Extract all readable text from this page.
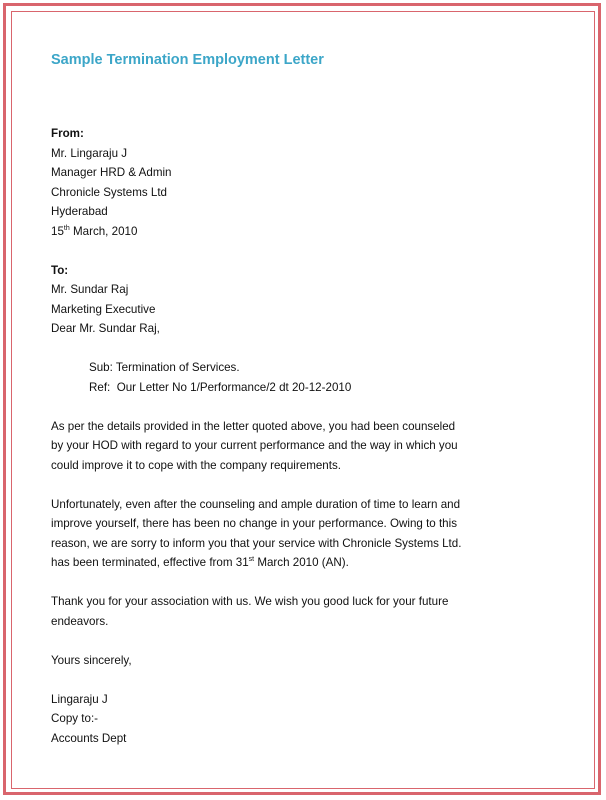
Sample Termination Employment Letter
From:
Mr. Lingaraju J
Manager HRD & Admin
Chronicle Systems Ltd
Hyderabad
15th March, 2010
To:
Mr. Sundar Raj
Marketing Executive
Dear Mr. Sundar Raj,
Sub: Termination of Services.
Ref:  Our Letter No 1/Performance/2 dt 20-12-2010
As per the details provided in the letter quoted above, you had been counseled
by your HOD with regard to your current performance and the way in which you
could improve it to cope with the company requirements.
Unfortunately, even after the counseling and ample duration of time to learn and
improve yourself, there has been no change in your performance. Owing to this
reason, we are sorry to inform you that your service with Chronicle Systems Ltd.
has been terminated, effective from 31st March 2010 (AN).
Thank you for your association with us. We wish you good luck for your future
endeavors.
Yours sincerely,
Lingaraju J
Copy to:-
Accounts Dept
